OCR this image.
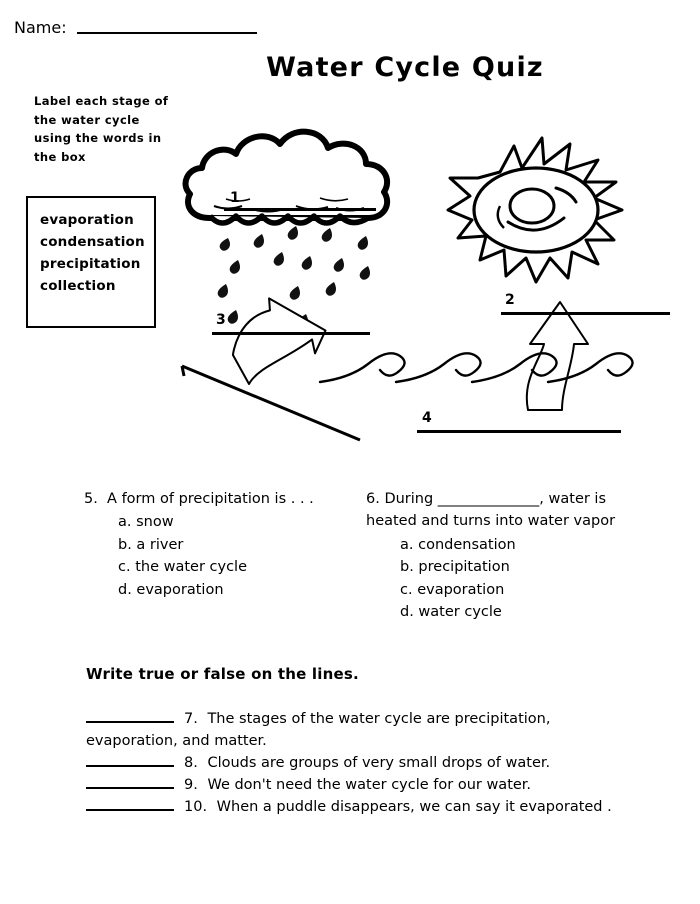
Name:
Water Cycle Quiz
Label each stage of
the water cycle
using the words in
the box
evaporation
condensation
precipitation
collection
1
2
3
4
5.  A form of precipitation is . . .
a. snow
b. a river
c. the water cycle
d. evaporation
6. During ______________, water is heated and turns into water vapor
a. condensation
b. precipitation
c. evaporation
d. water cycle
Write true or false on the lines.
7. The stages of the water cycle are precipitation, evaporation, and matter.
8. Clouds are groups of very small drops of water.
9. We don't need the water cycle for our water.
10. When a puddle disappears, we can say it evaporated .
